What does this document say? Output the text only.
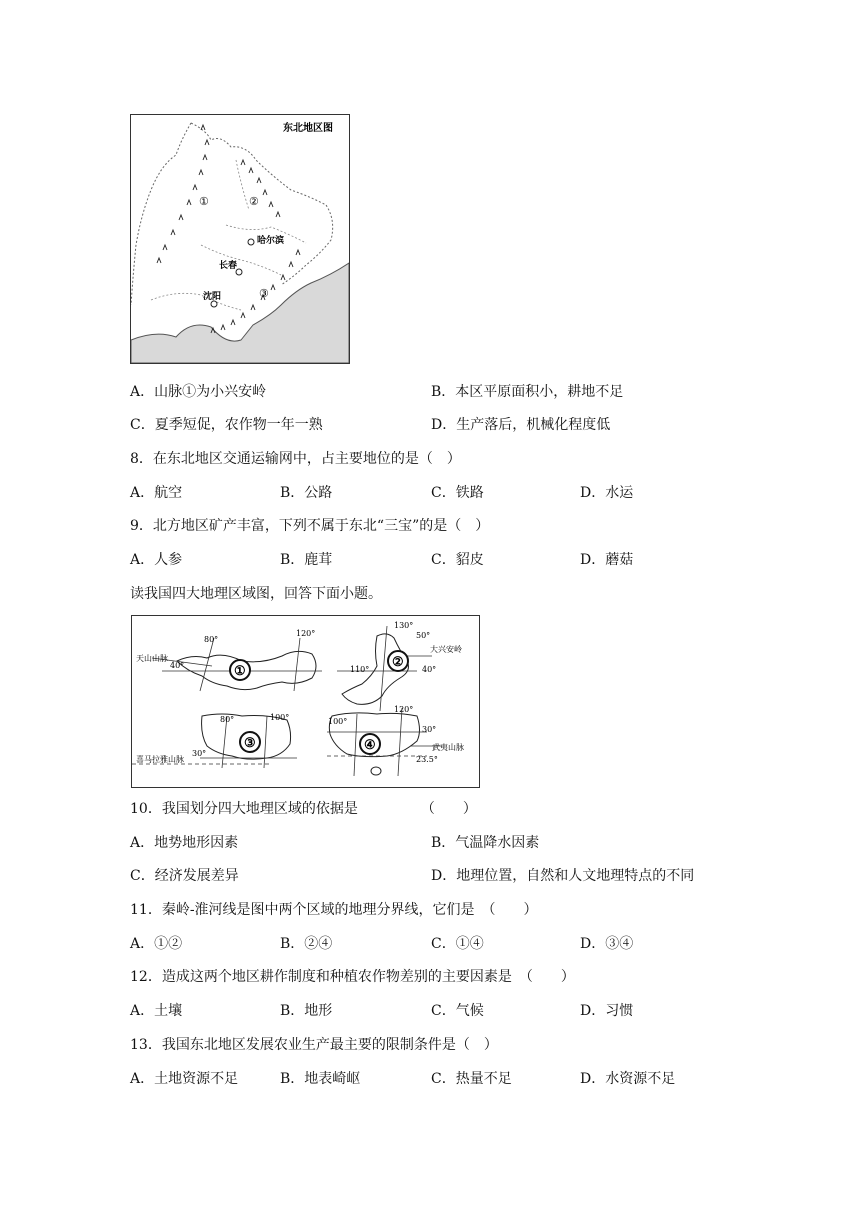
东北地区图
①	②
③
哈尔滨
长春
沈阳
A．山脉①为小兴安岭	B．本区平原面积小，耕地不足
C．夏季短促，农作物一年一熟	D．生产落后，机械化程度低
8．在东北地区交通运输网中，占主要地位的是（　）
A．航空	B．公路	C．铁路	D．水运
9．北方地区矿产丰富，下列不属于东北“三宝”的是（　）
A．人参	B．鹿茸	C．貂皮	D．蘑菇
读我国四大地理区域图，回答下面小题。
①
②
③	④
天山山脉
大兴安岭
喜马拉雅山脉
武夷山脉
80°
120°
40°
130°
50°
110°	40°
80°	100°
30°
100°
120°
30°
23.5°
10．我国划分四大地理区域的依据是　　　　　（　　）
A．地势地形因素	B．气温降水因素
C．经济发展差异	D．地理位置，自然和人文地理特点的不同
11．秦岭-淮河线是图中两个区域的地理分界线，它们是　（　　）
A．①②	B．②④	C．①④	D．③④
12．造成这两个地区耕作制度和种植农作物差别的主要因素是　（　　）
A．土壤	B．地形	C．气候	D．习惯
13．我国东北地区发展农业生产最主要的限制条件是（　）
A．土地资源不足	B．地表崎岖	C．热量不足	D．水资源不足
